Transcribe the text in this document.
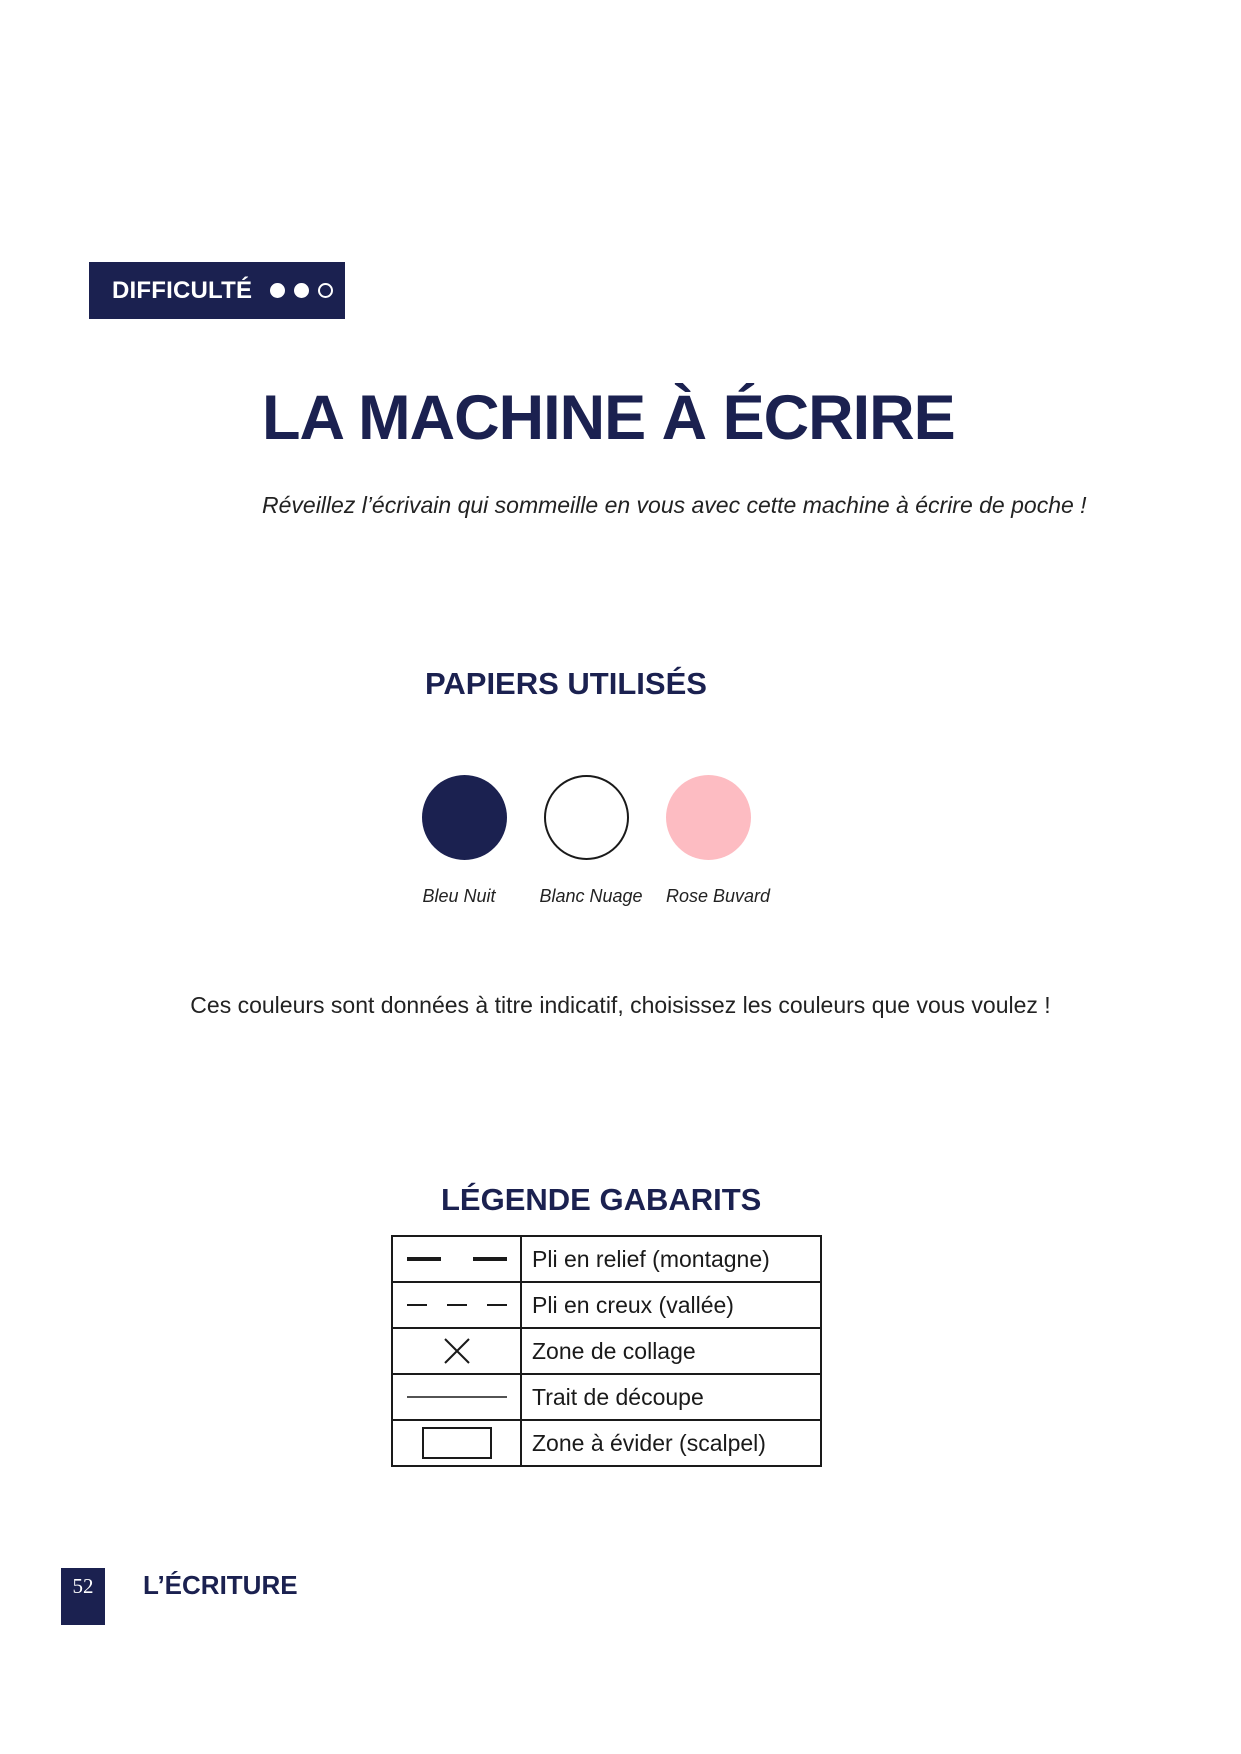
DIFFICULTÉ
LA MACHINE À ÉCRIRE

Réveillez l’écrivain qui sommeille en vous avec cette machine à écrire de poche !

PAPIERS UTILISÉS
Bleu Nuit	Blanc Nuage	Rose Buvard

Ces couleurs sont données à titre indicatif, choisissez les couleurs que vous voulez !

LÉGENDE GABARITS
	Pli en relief (montagne)

	Pli en creux (vallée)

	Zone de collage

	Trait de découpe

	Zone à évider (scalpel)
52	L’ÉCRITURE
